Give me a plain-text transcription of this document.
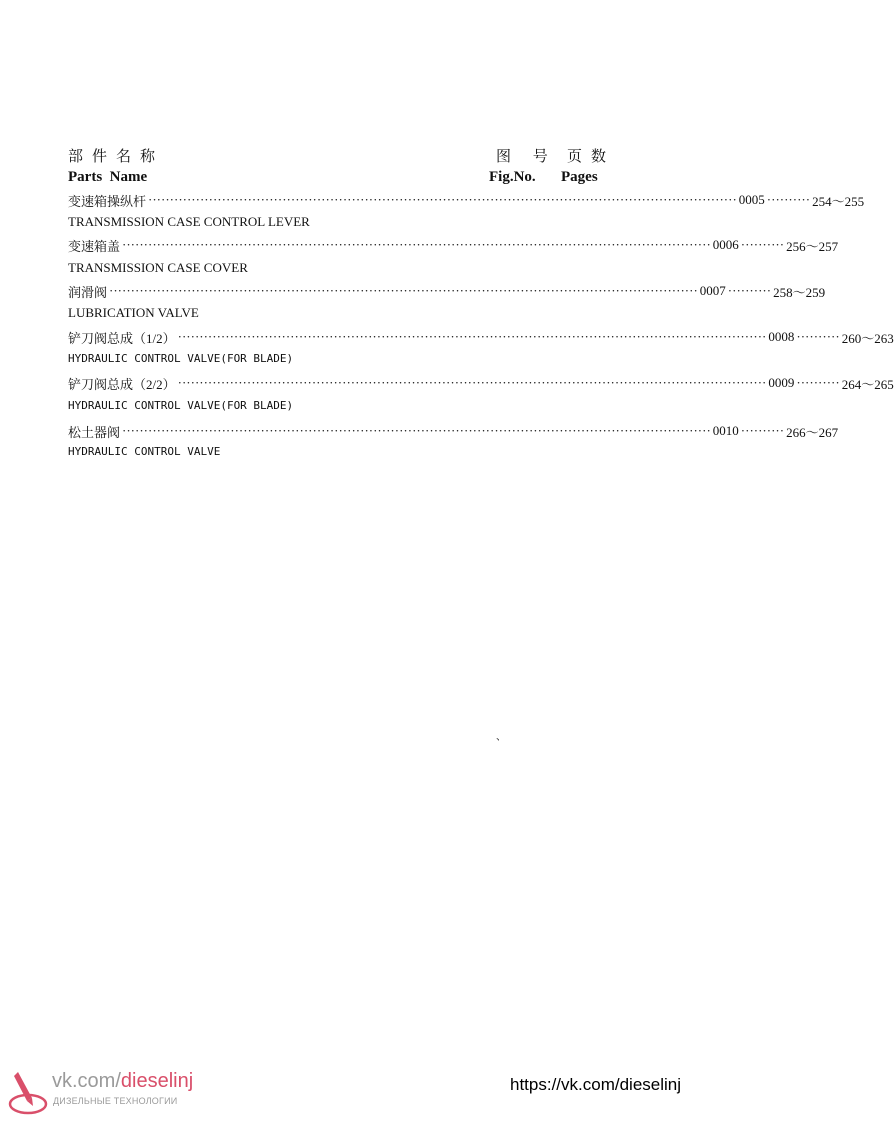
部件名称	图 号 页数
Parts  Name	Fig.No. Pages
变速箱操纵杆 ········································································································································ 0005 ·········· 254～255
TRANSMISSION CASE CONTROL LEVER
变速箱盖 ········································································································································ 0006 ·········· 256～257
TRANSMISSION CASE COVER
润滑阀 ········································································································································ 0007 ·········· 258～259
LUBRICATION VALVE
铲刀阀总成（1/2） ········································································································································ 0008 ·········· 260～263
HYDRAULIC CONTROL VALVE(FOR BLADE)
铲刀阀总成（2/2） ········································································································································ 0009 ·········· 264～265
HYDRAULIC CONTROL VALVE(FOR BLADE)
松土器阀 ········································································································································ 0010 ·········· 266～267
HYDRAULIC CONTROL VALVE
、
vk.com/dieselinj
ДИЗЕЛЬНЫЕ ТЕХНОЛОГИИ
https://vk.com/dieselinj
